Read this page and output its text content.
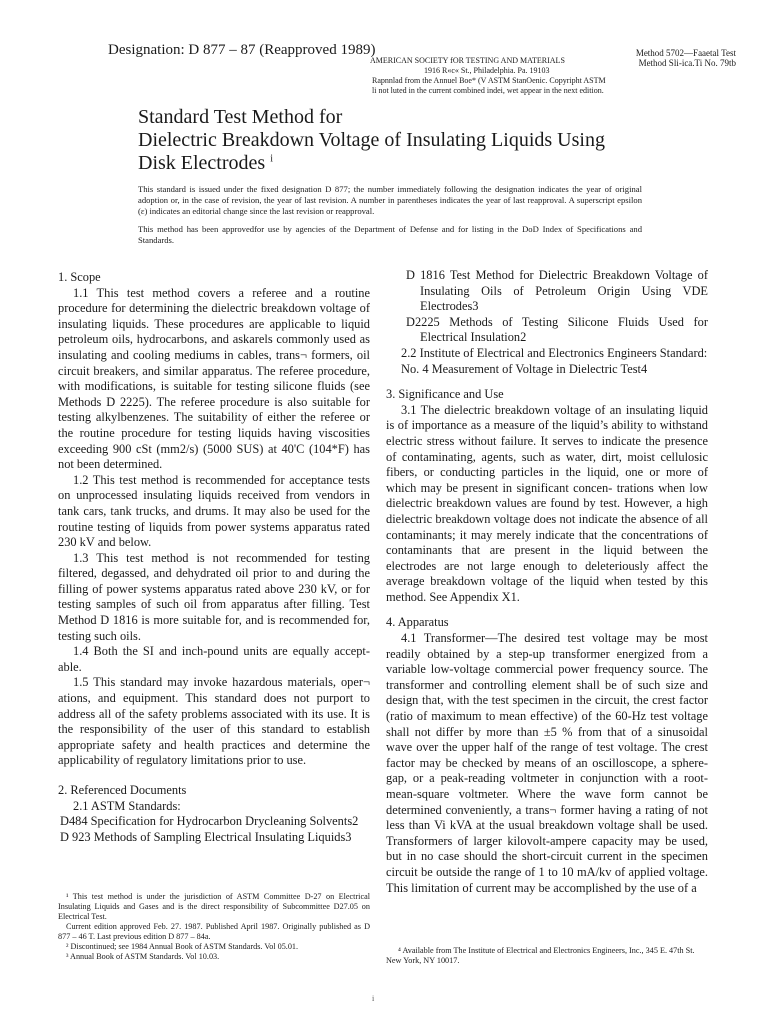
Designation: D 877 – 87 (Reapproved 1989)	Method 5702—Faaetal Test
Method Sli-ica.Ti No. 79tb
AMERICAN SOCIETY fOR TESTING AND MATERIALS
1916 R«c« St., Philadelphia. Pa. 19103
Rapnnlad from the Annuel Boe* (V ASTM StanOenic. Copyripht ASTM
li not luted in the current combined indei, wet appear in the next edition.
Standard Test Method for
Dielectric Breakdown Voltage of Insulating Liquids Using
Disk Electrodes $^i$

This standard is issued under the fixed designation D 877; the number immediately following the designation indicates the year of original adoption or, in the case of revision, the year of last revision. A number in parentheses indicates the year of last reapproval. A superscript epsilon (ε) indicates an editorial change since the last revision or reapproval.

This method has been approvedfor use by agencies of the Department of Defense and for listing in the DoD Index of Specifications and Standards.

1. Scope

1.1 This test method covers a referee and a routine procedure for determining the dielectric breakdown voltage of insulating liquids. These procedures are applicable to liquid petroleum oils, hydrocarbons, and askarels commonly used as insulating and cooling mediums in cables, trans¬ formers, oil circuit breakers, and similar apparatus. The referee procedure, with modifications, is suitable for testing silicone fluids (see Methods D 2225). The referee procedure is also suitable for testing alkylbenzenes. The suitability of either the referee or the routine procedure for testing liquids having viscosities exceeding 900 cSt (mm2/s) (5000 SUS) at 40'C (104*F) has not been determined.

1.2 This test method is recommended for acceptance tests on unprocessed insulating liquids received from vendors in tank cars, tank trucks, and drums. It may also be used for the routine testing of liquids from power systems apparatus rated 230 kV and below.

1.3 This test method is not recommended for testing filtered, degassed, and dehydrated oil prior to and during the filling of power systems apparatus rated above 230 kV, or for testing samples of such oil from apparatus after filling. Test Method D 1816 is more suitable for, and is recommended for, testing such oils.

1.4 Both the SI and inch-pound units are equally accept- able.

1.5 This standard may invoke hazardous materials, oper¬ ations, and equipment. This standard does not purport to address all of the safety problems associated with its use. It is the responsibility of the user of this standard to establish appropriate safety and health practices and determine the applicability of regulatory limitations prior to use.

2. Referenced Documents

2.1 ASTM Standards:

D484 Specification for Hydrocarbon Drycleaning Solvents2

D 923 Methods of Sampling Electrical Insulating Liquids3

D 1816 Test Method for Dielectric Breakdown Voltage of Insulating Oils of Petroleum Origin Using VDE Electrodes3

D2225 Methods of Testing Silicone Fluids Used for Electrical Insulation2

2.2 Institute of Electrical and Electronics Engineers Standard:

No. 4 Measurement of Voltage in Dielectric Test4

3. Significance and Use

3.1 The dielectric breakdown voltage of an insulating liquid is of importance as a measure of the liquid’s ability to withstand electric stress without failure. It serves to indicate the presence of contaminating, agents, such as water, dirt, moist cellulosic fibers, or conducting particles in the liquid, one or more of which may be present in significant concen- trations when low dielectric breakdown values are found by test. However, a high dielectric breakdown voltage does not indicate the absence of all contaminants; it may merely indicate that the concentrations of contaminants that are present in the liquid between the electrodes are not large enough to deleteriously affect the average breakdown voltage of the liquid when tested by this method. See Appendix X1.

4. Apparatus

4.1 Transformer—The desired test voltage may be most readily obtained by a step-up transformer energized from a variable low-voltage commercial power frequency source. The transformer and controlling element shall be of such size and design that, with the test specimen in the circuit, the crest factor (ratio of maximum to mean effective) of the 60-Hz test voltage shall not differ by more than ±5 % from that of a sinusoidal wave over the upper half of the range of test voltage. The crest factor may be checked by means of an oscilloscope, a sphere-gap, or a peak-reading voltmeter in conjunction with a root-mean-square voltmeter. Where the wave form cannot be determined conveniently, a trans¬ former having a rating of not less than Vi kVA at the usual breakdown voltage shall be used. Transformers of larger kilovolt-ampere capacity may be used, but in no case should the short-circuit current in the specimen circuit be outside the range of 1 to 10 mA/kv of applied voltage. This limitation of current may be accomplished by the use of a

¹ This test method is under the jurisdiction of ASTM Committee D-27 on Electrical Insulating Liquids and Gases and is the direct responsibility of Subcommittee D27.05 on Electrical Test.

Current edition approved Feb. 27. 1987. Published April 1987. Originally published as D 877 – 46 T. Last previous edition D 877 – 84a.

² Discontinued; see 1984 Annual Book of ASTM Standards. Vol 05.01.

³ Annual Book of ASTM Standards. Vol 10.03.

⁴ Available from The Institute of Electrical and Electronics Engineers, Inc., 345 E. 47th St. New York, NY 10017.

i
